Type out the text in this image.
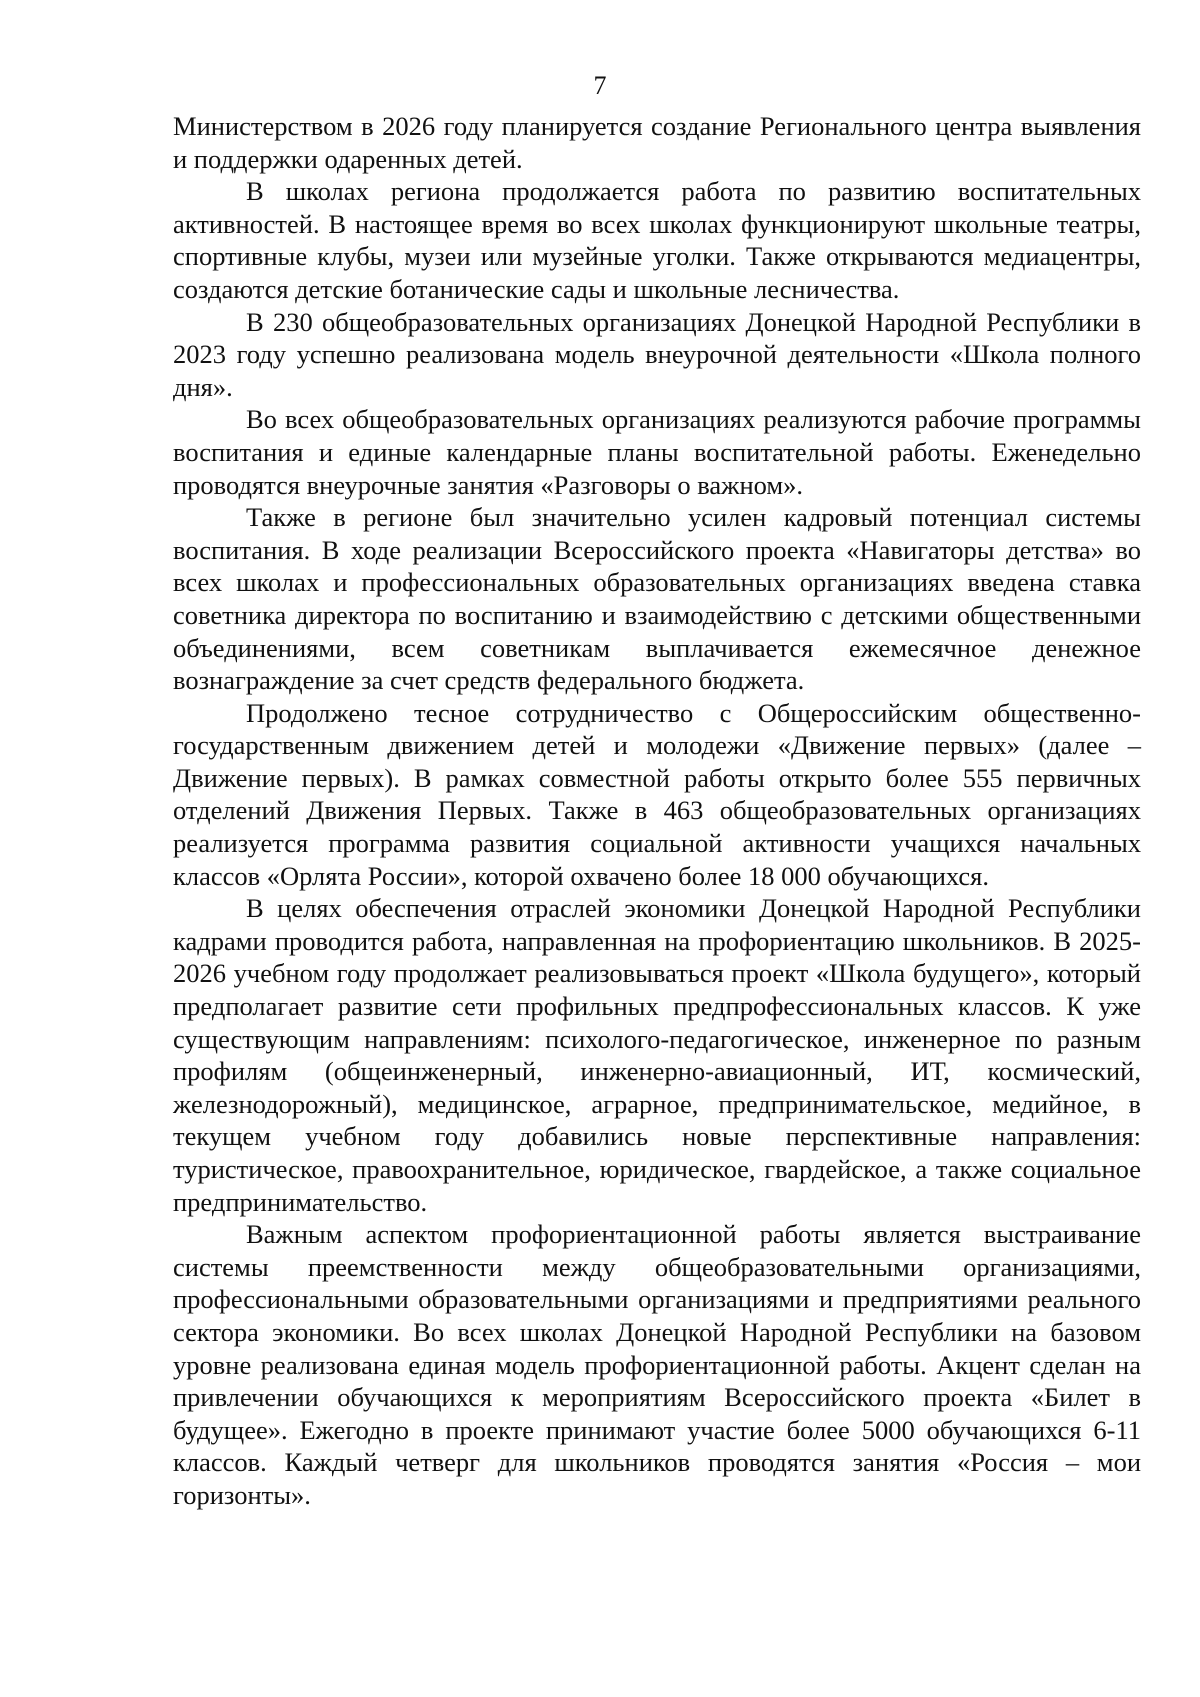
7

Министерством в 2026 году планируется создание Регионального центра выявления и поддержки одаренных детей.

В школах региона продолжается работа по развитию воспитательных активностей. В настоящее время во всех школах функционируют школьные театры, спортивные клубы, музеи или музейные уголки. Также открываются медиацентры, создаются детские ботанические сады и школьные лесничества.

В 230 общеобразовательных организациях Донецкой Народной Республики в 2023 году успешно реализована модель внеурочной деятельности «Школа полного дня».

Во всех общеобразовательных организациях реализуются рабочие программы воспитания и единые календарные планы воспитательной работы. Еженедельно проводятся внеурочные занятия «Разговоры о важном».

Также в регионе был значительно усилен кадровый потенциал системы воспитания. В ходе реализации Всероссийского проекта «Навигаторы детства» во всех школах и профессиональных образовательных организациях введена ставка советника директора по воспитанию и взаимодействию с детскими общественными объединениями, всем советникам выплачивается ежемесячное денежное вознаграждение за счет средств федерального бюджета.

Продолжено тесное сотрудничество с Общероссийским общественно-государственным движением детей и молодежи «Движение первых» (далее – Движение первых). В рамках совместной работы открыто более 555 первичных отделений Движения Первых. Также в 463 общеобразовательных организациях реализуется программа развития социальной активности учащихся начальных классов «Орлята России», которой охвачено более 18 000 обучающихся.

В целях обеспечения отраслей экономики Донецкой Народной Республики кадрами проводится работа, направленная на профориентацию школьников. В 2025-2026 учебном году продолжает реализовываться проект «Школа будущего», который предполагает развитие сети профильных предпрофессиональных классов. К уже существующим направлениям: психолого-педагогическое, инженерное по разным профилям (общеинженерный, инженерно-авиационный, ИТ, космический, железнодорожный), медицинское, аграрное, предпринимательское, медийное, в текущем учебном году добавились новые перспективные направления: туристическое, правоохранительное, юридическое, гвардейское, а также социальное предпринимательство.

Важным аспектом профориентационной работы является выстраивание системы преемственности между общеобразовательными организациями, профессиональными образовательными организациями и предприятиями реального сектора экономики. Во всех школах Донецкой Народной Республики на базовом уровне реализована единая модель профориентационной работы. Акцент сделан на привлечении обучающихся к мероприятиям Всероссийского проекта «Билет в будущее». Ежегодно в проекте принимают участие более 5000 обучающихся 6-11 классов. Каждый четверг для школьников проводятся занятия «Россия – мои горизонты».
